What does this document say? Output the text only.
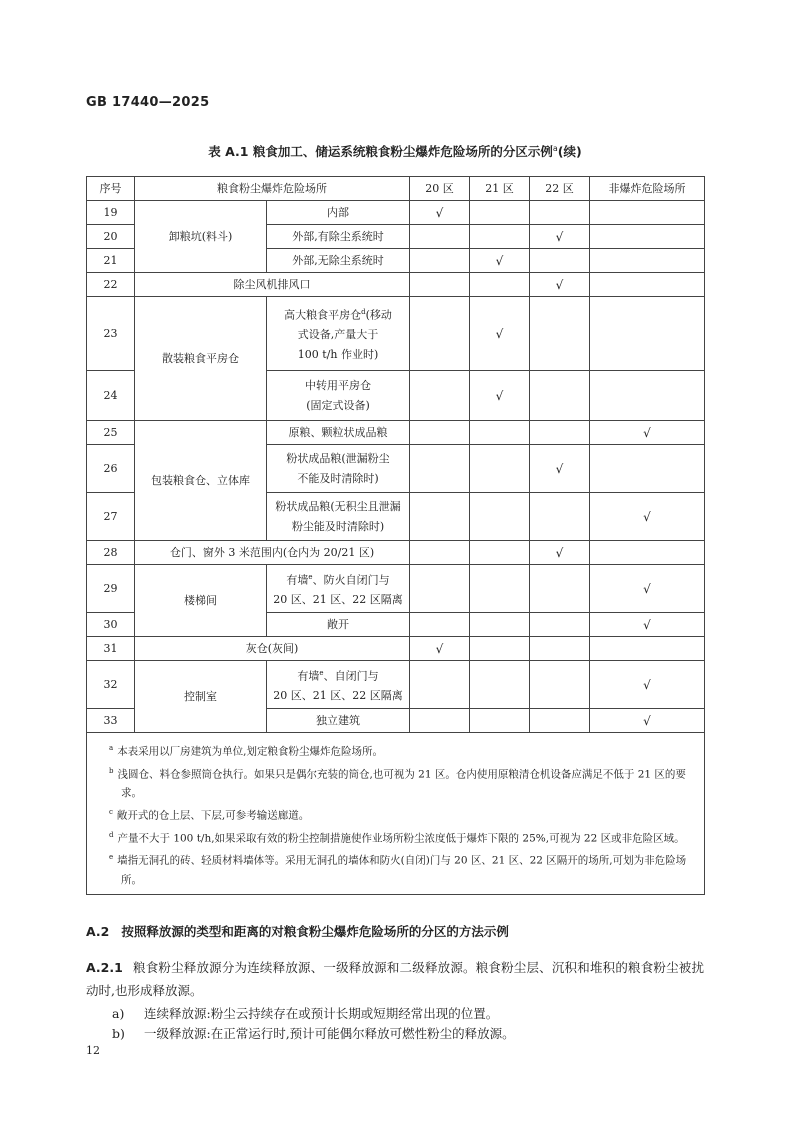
GB 17440—2025
表 A.1 粮食加工、储运系统粮食粉尘爆炸危险场所的分区示例$^a$(续)
序号	粮食粉尘爆炸危险场所		20 区	21 区	22 区	非爆炸危险场所
19	卸粮坑(料斗)	内部	√			
20		外部,有除尘系统时			√	
21		外部,无除尘系统时		√		
22	除尘风机排风口				√	
23	散装粮食平房仓	高大粮食平房仓$^d$(移动
式设备,产量大于
100 t/h 作业时)		√		
24		中转用平房仓
(固定式设备)		√		
25	包装粮食仓、立体库	原粮、颗粒状成品粮				√
26		粉状成品粮(泄漏粉尘
不能及时清除时)			√	
27		粉状成品粮(无积尘且泄漏
粉尘能及时清除时)				√
28	仓门、窗外 3 米范围内(仓内为 20/21 区)				√	
29	楼梯间	有墙$^e$、防火自闭门与
20 区、21 区、22 区隔离				√
30		敞开				√
31	灰仓(灰间)		√			
32	控制室	有墙$^e$、自闭门与
20 区、21 区、22 区隔离				√
33		独立建筑				√

$^a$ 本表采用以厂房建筑为单位,划定粮食粉尘爆炸危险场所。
$^b$ 浅圆仓、料仓参照筒仓执行。如果只是偶尔充装的筒仓,也可视为 21 区。仓内使用原粮清仓机设备应满足不低于 21 区的要求。
$^c$ 敞开式的仓上层、下层,可参考输送廊道。
$^d$ 产量不大于 100 t/h,如果采取有效的粉尘控制措施使作业场所粉尘浓度低于爆炸下限的 25%,可视为 22 区或非危险区域。
$^e$ 墙指无洞孔的砖、轻质材料墙体等。采用无洞孔的墙体和防火(自闭)门与 20 区、21 区、22 区隔开的场所,可划为非危险场所。						
A.2 按照释放源的类型和距离的对粮食粉尘爆炸危险场所的分区的方法示例
A.2.1 粮食粉尘释放源分为连续释放源、一级释放源和二级释放源。粮食粉尘层、沉积和堆积的粮食粉尘被扰动时,也形成释放源。
a) 连续释放源:粉尘云持续存在或预计长期或短期经常出现的位置。
b) 一级释放源:在正常运行时,预计可能偶尔释放可燃性粉尘的释放源。
12
